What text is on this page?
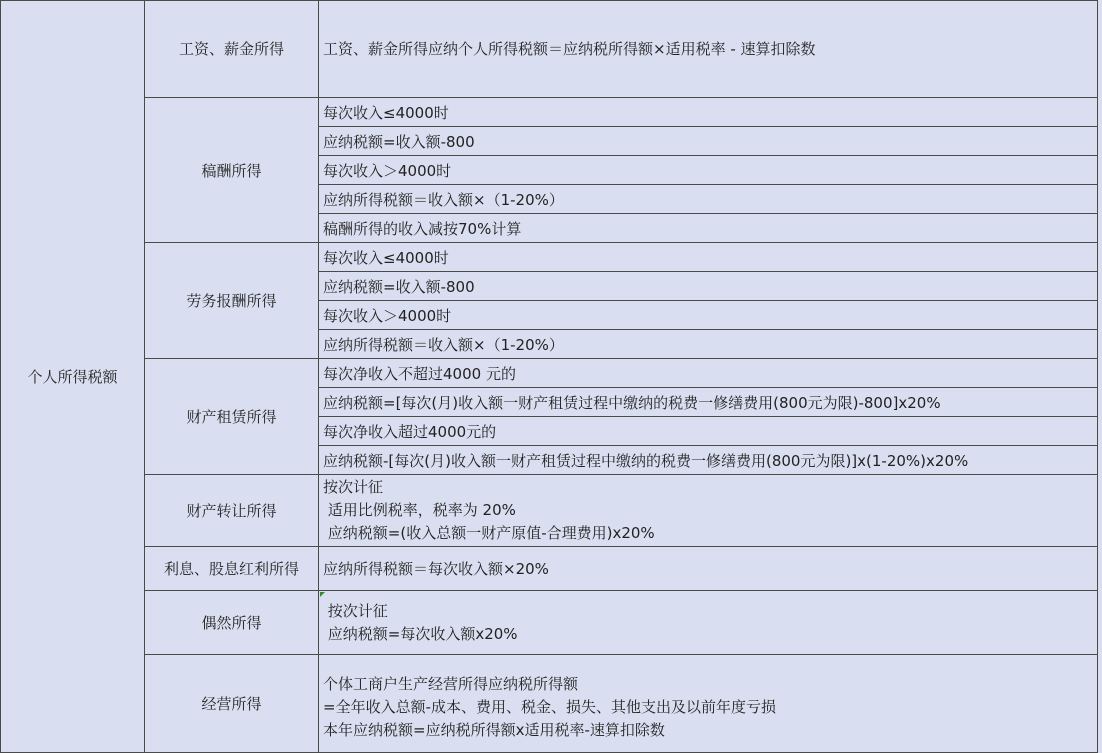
个人所得税额
工资、薪金所得
稿酬所得
劳务报酬所得
财产租赁所得
财产转让所得
利息、股息红利所得
偶然所得
经营所得
工资、薪金所得应纳个人所得税额＝应纳税所得额×适用税率 - 速算扣除数
每次收入≤4000时
应纳税额=收入额-800
每次收入＞4000时
应纳所得税额＝收入额×（1-20%）
稿酬所得的收入减按70%计算
每次收入≤4000时
应纳税额=收入额-800
每次收入＞4000时
应纳所得税额＝收入额×（1-20%）
每次净收入不超过4000 元的
应纳税额=[每次(月)收入额一财产租赁过程中缴纳的税费一修缮费用(800元为限)-800]x20%
每次净收入超过4000元的
应纳税额-[每次(月)收入额一财产租赁过程中缴纳的税费一修缮费用(800元为限)]x(1-20%)x20%
按次计征
适用比例税率，税率为 20%
应纳税额=(收入总额一财产原值-合理费用)x20%
应纳所得税额＝每次收入额×20%
按次计征
应纳税额=每次收入额x20%
个体工商户生产经营所得应纳税所得额
=全年收入总额-成本、费用、税金、损失、其他支出及以前年度亏损
本年应纳税额=应纳税所得额x适用税率-速算扣除数
